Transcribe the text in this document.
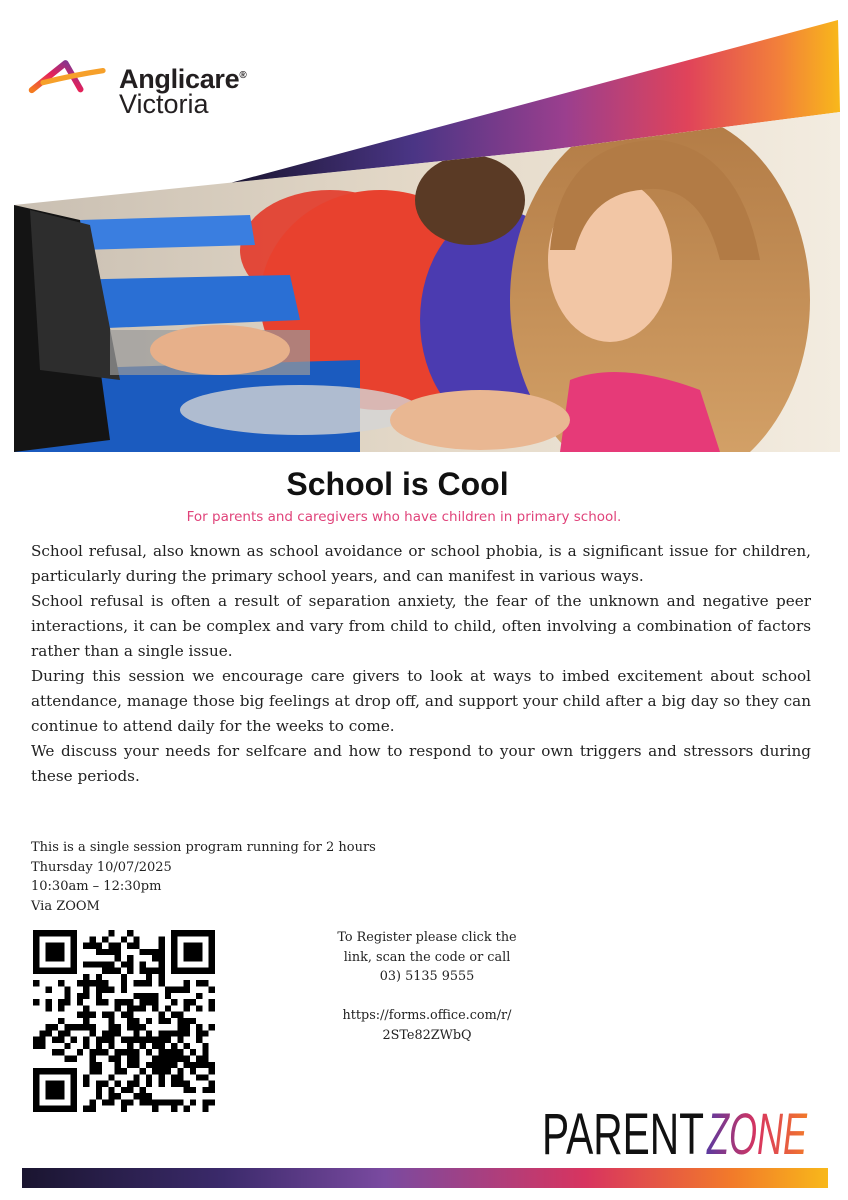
Anglicare®
Victoria
School is Cool
For parents and caregivers who have children in primary school.

School refusal, also known as school avoidance or school phobia, is a significant issue for children, particularly during the primary school years, and can manifest in various ways.

School refusal is often a result of separation anxiety, the fear of the unknown and negative peer interactions, it can be complex and vary from child to child, often involving a combination of factors rather than a single issue.

During this session we encourage care givers to look at ways to imbed excitement about school attendance, manage those big feelings at drop off, and support your child after a big day so they can continue to attend daily for the weeks to come.

We discuss your needs for selfcare and how to respond to your own triggers and stressors during these periods.

This is a single session program running for 2 hours
Thursday 10/07/2025
10:30am – 12:30pm
Via ZOOM
To Register please click the
link, scan the code or call
03) 5135 9555
https://forms.office.com/r/
2STe82ZWbQ
PARENT ZONE
